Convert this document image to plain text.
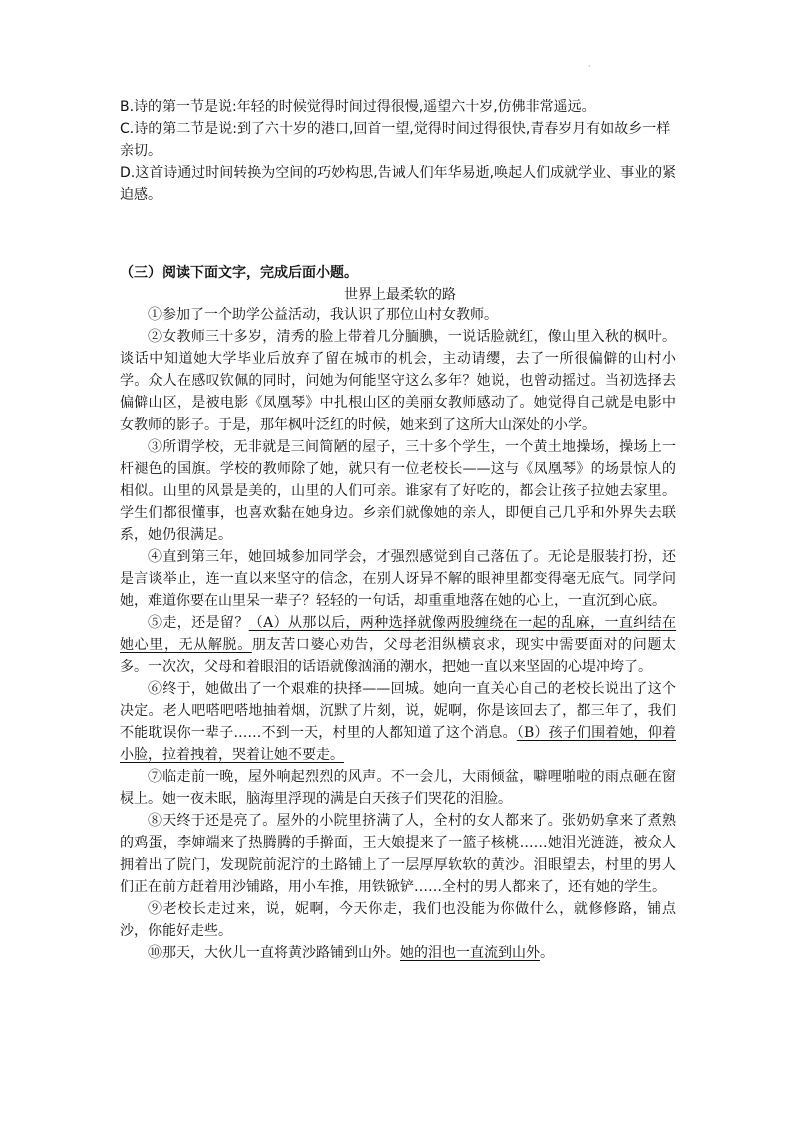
·
B.诗的第一节是说:年轻的时候觉得时间过得很慢,遥望六十岁,仿佛非常遥远。
C.诗的第二节是说:到了六十岁的港口,回首一望,觉得时间过得很快,青春岁月有如故乡一样亲切。
D.这首诗通过时间转换为空间的巧妙构思,告诫人们年华易逝,唤起人们成就学业、事业的紧迫感。
（三）阅读下面文字，完成后面小题。
世界上最柔软的路

①参加了一个助学公益活动，我认识了那位山村女教师。

②女教师三十多岁，清秀的脸上带着几分腼腆，一说话脸就红，像山里入秋的枫叶。谈话中知道她大学毕业后放弃了留在城市的机会，主动请缨，去了一所很偏僻的山村小学。众人在感叹钦佩的同时，问她为何能坚守这么多年？她说，也曾动摇过。当初选择去偏僻山区，是被电影《凤凰琴》中扎根山区的美丽女教师感动了。她觉得自己就是电影中女教师的影子。于是，那年枫叶泛红的时候，她来到了这所大山深处的小学。

③所谓学校，无非就是三间简陋的屋子，三十多个学生，一个黄土地操场，操场上一杆褪色的国旗。学校的教师除了她，就只有一位老校长——这与《凤凰琴》的场景惊人的相似。山里的风景是美的，山里的人们可亲。谁家有了好吃的，都会让孩子拉她去家里。学生们都很懂事，也喜欢黏在她身边。乡亲们就像她的亲人，即便自己几乎和外界失去联系，她仍很满足。

④直到第三年，她回城参加同学会，才强烈感觉到自己落伍了。无论是服装打扮，还是言谈举止，连一直以来坚守的信念，在别人讶异不解的眼神里都变得毫无底气。同学问她，难道你要在山里呆一辈子？轻轻的一句话，却重重地落在她的心上，一直沉到心底。

⑤走，还是留？（A）从那以后，两种选择就像两股缠绕在一起的乱麻，一直纠结在她心里，无从解脱。朋友苦口婆心劝告，父母老泪纵横哀求，现实中需要面对的问题太多。一次次，父母和着眼泪的话语就像汹涌的潮水，把她一直以来坚固的心堤冲垮了。

⑥终于，她做出了一个艰难的抉择——回城。她向一直关心自己的老校长说出了这个决定。老人吧嗒吧嗒地抽着烟，沉默了片刻，说，妮啊，你是该回去了，都三年了，我们不能耽误你一辈子……不到一天，村里的人都知道了这个消息。（B）孩子们围着她，仰着小脸，拉着拽着，哭着让她不要走。

⑦临走前一晚，屋外响起烈烈的风声。不一会儿，大雨倾盆，噼哩啪啦的雨点砸在窗棂上。她一夜未眠，脑海里浮现的满是白天孩子们哭花的泪脸。

⑧天终于还是亮了。屋外的小院里挤满了人，全村的女人都来了。张奶奶拿来了煮熟的鸡蛋，李婶端来了热腾腾的手擀面，王大娘提来了一篮子核桃……她泪光涟涟，被众人拥着出了院门，发现院前泥泞的土路铺上了一层厚厚软软的黄沙。泪眼望去，村里的男人们正在前方赶着用沙铺路，用小车推，用铁锨铲……全村的男人都来了，还有她的学生。

⑨老校长走过来，说，妮啊，今天你走，我们也没能为你做什么，就修修路，铺点沙，你能好走些。

⑩那天，大伙儿一直将黄沙路铺到山外。她的泪也一直流到山外。
